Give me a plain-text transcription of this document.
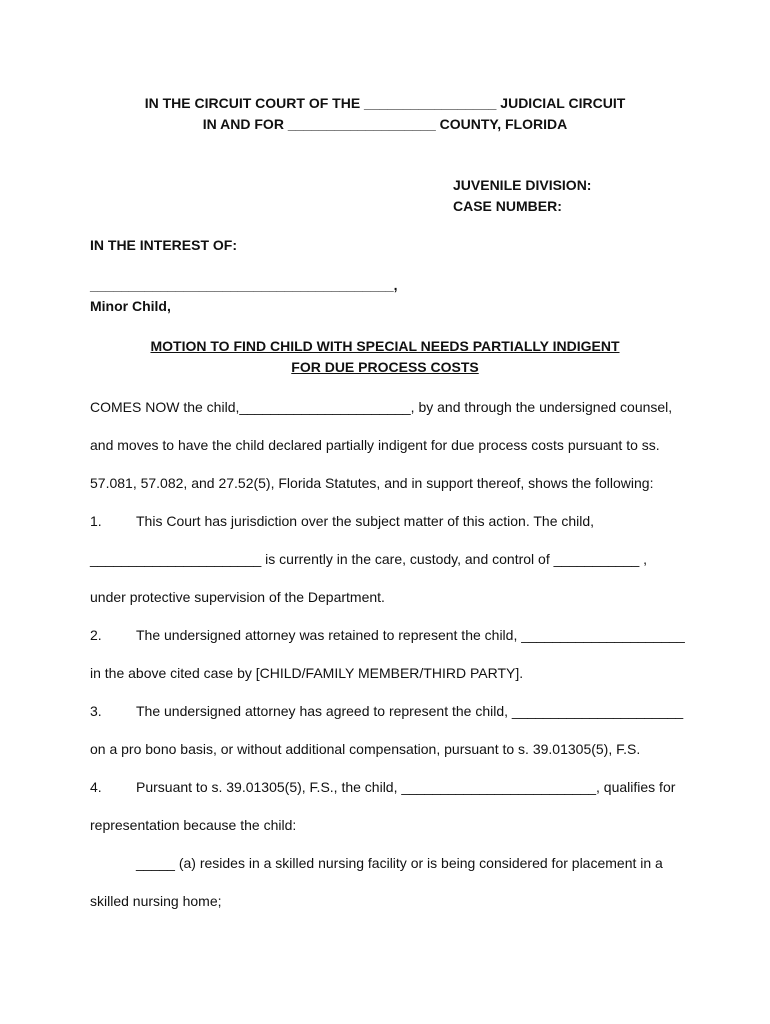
IN THE CIRCUIT COURT OF THE _________________ JUDICIAL CIRCUIT
IN AND FOR ___________________ COUNTY, FLORIDA
JUVENILE DIVISION:
CASE NUMBER:
IN THE INTEREST OF:
_______________________________________,
Minor Child,
MOTION TO FIND CHILD WITH SPECIAL NEEDS PARTIALLY INDIGENT
FOR DUE PROCESS COSTS
COMES NOW the child,______________________, by and through the undersigned counsel,
and moves to have the child declared partially indigent for due process costs pursuant to ss.
57.081, 57.082, and 27.52(5), Florida Statutes, and in support thereof, shows the following:
1. This Court has jurisdiction over the subject matter of this action. The child,
______________________ is currently in the care, custody, and control of ___________ ,
under protective supervision of the Department.
2. The undersigned attorney was retained to represent the child, _____________________
in the above cited case by [CHILD/FAMILY MEMBER/THIRD PARTY].
3. The undersigned attorney has agreed to represent the child, ______________________
on a pro bono basis, or without additional compensation, pursuant to s. 39.01305(5), F.S.
4. Pursuant to s. 39.01305(5), F.S., the child, _________________________, qualifies for
representation because the child:
_____ (a) resides in a skilled nursing facility or is being considered for placement in a
skilled nursing home;
